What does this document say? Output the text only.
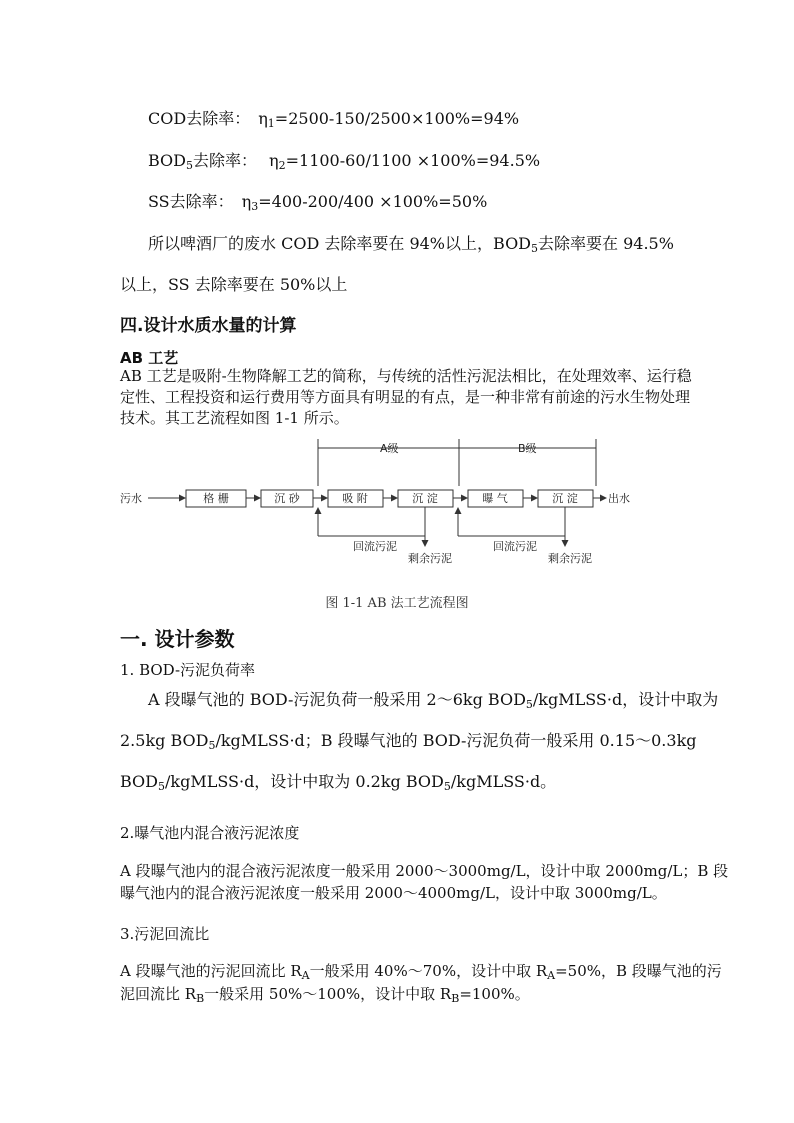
COD去除率： $\eta_1=2500-150/2500\times 100\%=94\%$
$BOD_5$去除率： $\eta_2=1100-60/1100 \times 100\%=94.5\%$
SS去除率： $\eta_3=400-200/400 \times 100\%=50\%$
所以啤酒厂的废水 COD 去除率要在 94%以上，$BOD_5$去除率要在 94.5%
以上，SS 去除率要在 50%以上
四.设计水质水量的计算
AB 工艺
AB 工艺是吸附-生物降解工艺的简称，与传统的活性污泥法相比，在处理效率、运行稳
定性、工程投资和运行费用等方面具有明显的有点，是一种非常有前途的污水生物处理
技术。其工艺流程如图 1-1 所示。
A级	B级
污水	出水
格 栅	沉 砂	吸 附	沉 淀	曝 气	沉 淀
回流污泥
剩余污泥
回流污泥
剩余污泥
图 1-1 AB 法工艺流程图
一. 设计参数
1. BOD-污泥负荷率
A 段曝气池的 BOD-污泥负荷一般采用 2～6kg $BOD_5/kgMLSS\cdot d$，设计中取为
2.5kg $BOD_5/kgMLSS\cdot d$；B 段曝气池的 BOD-污泥负荷一般采用 0.15～0.3kg
$BOD_5/kgMLSS\cdot d$，设计中取为 0.2kg $BOD_5/kgMLSS\cdot d$。
2.曝气池内混合液污泥浓度
A 段曝气池内的混合液污泥浓度一般采用 2000～3000mg/L，设计中取 2000mg/L；B 段
曝气池内的混合液污泥浓度一般采用 2000～4000mg/L，设计中取 3000mg/L。
3.污泥回流比
A 段曝气池的污泥回流比 $R_A$一般采用 40%～70%，设计中取 $R_A=50\%$，B 段曝气池的污
泥回流比 $R_B$一般采用 50%～100%，设计中取 $R_B=100\%$。
